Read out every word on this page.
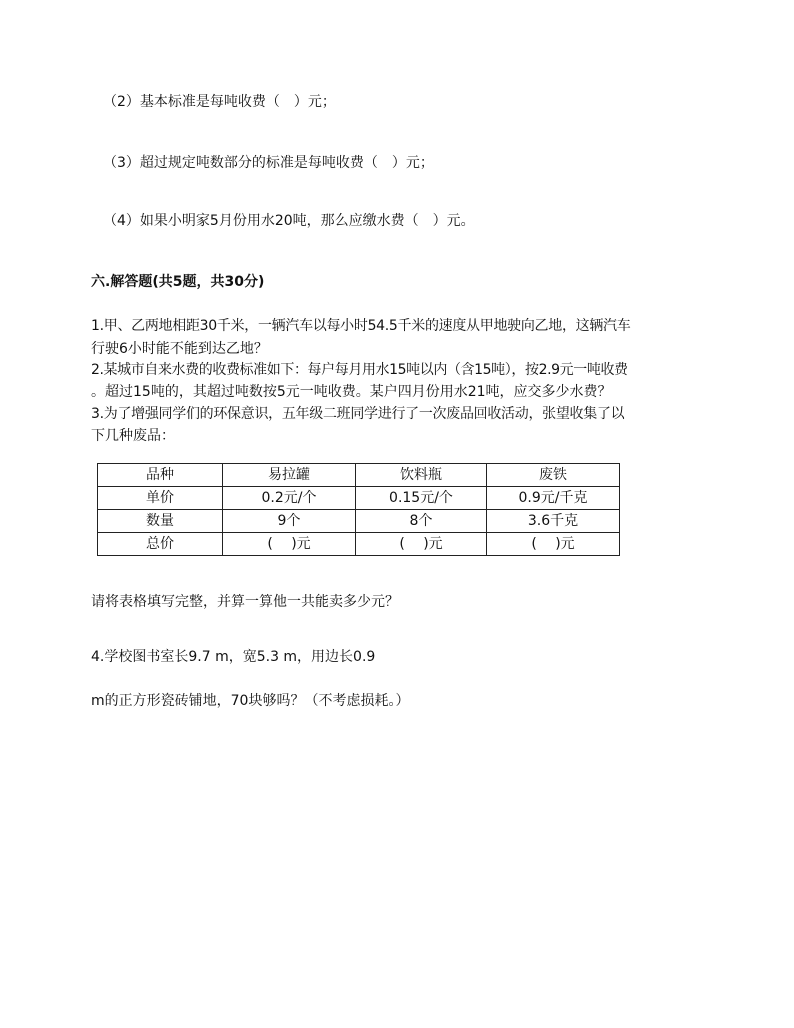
（2）基本标准是每吨收费（　）元；
（3）超过规定吨数部分的标准是每吨收费（　）元；
（4）如果小明家5月份用水20吨，那么应缴水费（　）元。
六.解答题(共5题，共30分)
1.甲、乙两地相距30千米，一辆汽车以每小时54.5千米的速度从甲地驶向乙地，这辆汽车
行驶6小时能不能到达乙地？
2.某城市自来水费的收费标准如下：每户每月用水15吨以内（含15吨），按2.9元一吨收费
。超过15吨的，其超过吨数按5元一吨收费。某户四月份用水21吨，应交多少水费？
3.为了增强同学们的环保意识，五年级二班同学进行了一次废品回收活动，张望收集了以
下几种废品：
品种	易拉罐	饮料瓶	废铁
单价	0.2元/个	0.15元/个	0.9元/千克
数量	9个	8个	3.6千克
总价	(　 )元	(　 )元	(　 )元
请将表格填写完整，并算一算他一共能卖多少元？
4.学校图书室长9.7 m，宽5.3 m，用边长0.9
m的正方形瓷砖铺地，70块够吗？（不考虑损耗。）
